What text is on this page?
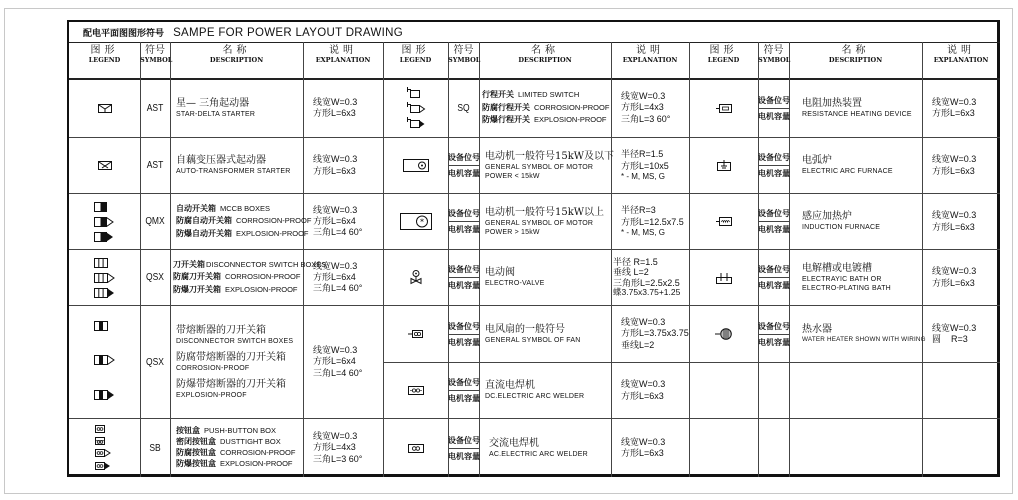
配电平面图图形符号 SAMPE FOR POWER LAYOUT DRAWING
图形
LEGEND
符号
SYMBOL
名称
DESCRIPTION
说明
EXPLANATION
图形
LEGEND
符号
SYMBOL
名称
DESCRIPTION
说明
EXPLANATION
图形
LEGEND
符号
SYMBOL
名称
DESCRIPTION
说明
EXPLANATION
AST	星— 三角起动器
STAR-DELTA STARTER
线宽W=0.3
方形L=6x3
AST	自藕变压器式起动器
AUTO-TRANSFORMER STARTER
线宽W=0.3
方形L=6x3
QMX
自动开关箱 MCCB BOXES
防腐自动开关箱 CORROSION-PROOF
防爆自动开关箱 EXPLOSION-PROOF
线宽W=0.3
方形L=6x4
三角L=4 60°
QSX
刀开关箱DISCONNECTOR SWITCH BOXES
防腐刀开关箱 CORROSION-PROOF
防爆刀开关箱 EXPLOSION-PROOF
线宽W=0.3
方形L=6x4
三角L=4 60°
QSX
带熔断器的刀开关箱
DISCONNECTOR SWITCH BOXES
防腐带熔断器的刀开关箱
CORROSION-PROOF
防爆带熔断器的刀开关箱
EXPLOSION-PROOF
线宽W=0.3
方形L=6x4
三角L=4 60°
SB
按钮盒 PUSH-BUTTON BOX
密闭按钮盒 DUSTTIGHT BOX
防腐按钮盒 CORROSION-PROOF
防爆按钮盒 EXPLOSION-PROOF
线宽W=0.3
方形L=4x3
三角L=3 60°
SQ
行程开关 LIMITED SWITCH
防腐行程开关 CORROSION-PROOF
防爆行程开关 EXPLOSION-PROOF
线宽W=0.3
方形L=4x3
三角L=3 60°
设备位号
电机容量
电动机一般符号15kW及以下
GENERAL SYMBOL OF MOTOR
POWER < 15kW
半径R=1.5
方形L=10x5
* - M, MS, G
*
设备位号
电机容量
电动机一般符号15kW以上
GENERAL SYMBOL OF MOTOR
POWER > 15kW
半径R=3
方形L=12.5x7.5
* - M, MS, G
设备位号
电机容量
电动阀
ELECTRO-VALVE
半径 R=1.5
垂线 L=2
三角形L=2.5x2.5
蝶3.75x3.75+1.25
设备位号
电机容量
电风扇的一般符号
GENERAL SYMBOL OF FAN
线宽W=0.3
方形L=3.75x3.75
垂线L=2
设备位号
电机容量
直流电焊机
DC.ELECTRIC ARC WELDER
线宽W=0.3
方形L=6x3
设备位号
电机容量
交流电焊机
AC.ELECTRIC ARC WELDER
线宽W=0.3
方形L=6x3
设备位号
电机容量
电阻加热装置
RESISTANCE HEATING DEVICE
线宽W=0.3
方形L=6x3
设备位号
电机容量
电弧炉
ELECTRIC ARC FURNACE
线宽W=0.3
方形L=6x3
设备位号
电机容量
感应加热炉
INDUCTION FURNACE
线宽W=0.3
方形L=6x3
设备位号
电机容量
电解槽或电镀槽
ELECTRAYIC BATH OR
ELECTRO-PLATING BATH
线宽W=0.3
方形L=6x3
设备位号
电机容量
热水器
WATER HEATER SHOWN WITH WIRING
线宽W=0.3
圆    R=3
